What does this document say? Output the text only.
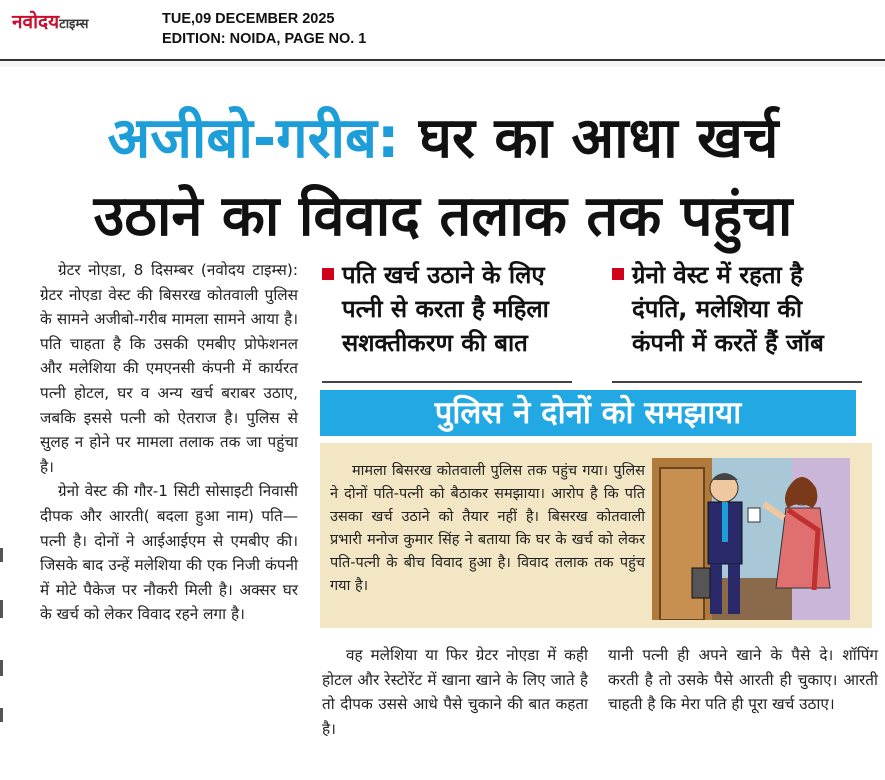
नवोदयटाइम्स	TUE,09 DECEMBER 2025
EDITION: NOIDA, PAGE NO. 1
अजीबो-गरीब: घर का आधा खर्च
उठाने का विवाद तलाक तक पहुंचा

ग्रेटर नोएडा, 8 दिसम्बर (नवोदय टाइम्स): ग्रेटर नोएडा वेस्ट की बिसरख कोतवाली पुलिस के सामने अजीबो-गरीब मामला सामने आया है। पति चाहता है कि उसकी एमबीए प्रोफेशनल और मलेशिया की एमएनसी कंपनी में कार्यरत पत्नी होटल, घर व अन्य खर्च बराबर उठाए, जबकि इससे पत्नी को ऐतराज है। पुलिस से सुलह न होने पर मामला तलाक तक जा पहुंचा है।

ग्रेनो वेस्ट की गौर-1 सिटी सोसाइटी निवासी दीपक और आरती( बदला हुआ नाम) पति—पत्नी है। दोनों ने आईआईएम से एमबीए की। जिसके बाद उन्हें मलेशिया की एक निजी कंपनी में मोटे पैकेज पर नौकरी मिली है। अक्सर घर के खर्च को लेकर विवाद रहने लगा है।

पति खर्च उठाने के लिए
पत्नी से करता है महिला
सशक्तीकरण की बात
ग्रेनो वेस्ट में रहता है
दंपति, मलेशिया की
कंपनी में करतें हैं जॉब
पुलिस ने दोनों को समझाया

मामला बिसरख कोतवाली पुलिस तक पहुंच गया। पुलिस ने दोनों पति-पत्नी को बैठाकर समझाया। आरोप है कि पति उसका खर्च उठाने को तैयार नहीं है। बिसरख कोतवाली प्रभारी मनोज कुमार सिंह ने बताया कि घर के खर्च को लेकर पति-पत्नी के बीच विवाद हुआ है। विवाद तलाक तक पहुंच गया है।

वह मलेशिया या फिर ग्रेटर नोएडा में कही होटल और रेस्टोरेंट में खाना खाने के लिए जाते है तो दीपक उससे आधे पैसे चुकाने की बात कहता है।

यानी पत्नी ही अपने खाने के पैसे दे। शॉपिंग करती है तो उसके पैसे आरती ही चुकाए। आरती चाहती है कि मेरा पति ही पूरा खर्च उठाए।
